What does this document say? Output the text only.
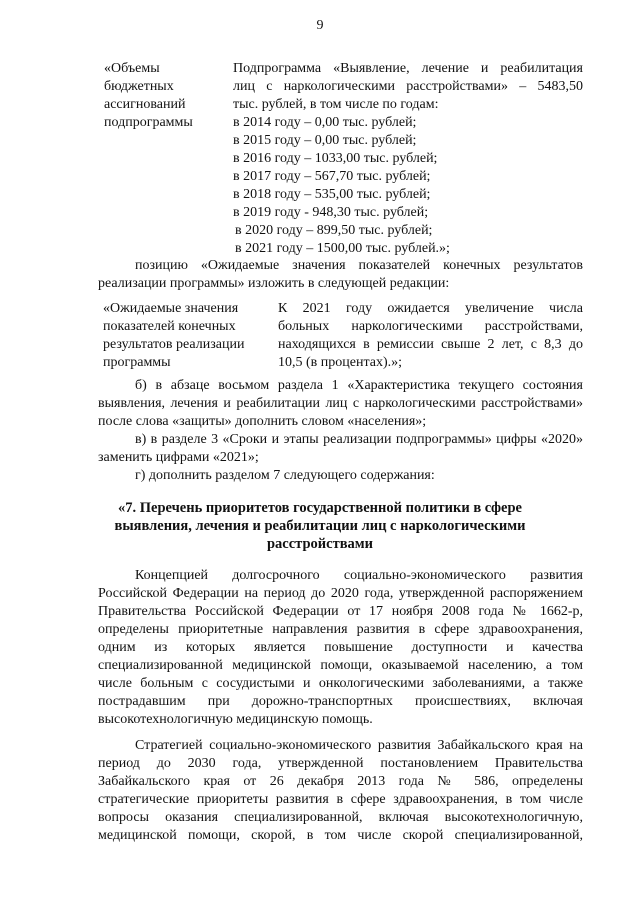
9
«Объемы
бюджетных
ассигнований
подпрограммы
Подпрограмма «Выявление, лечение и реабилитация
лиц с наркологическими расстройствами» – 5483,50
тыс. рублей, в том числе по годам:
в 2014 году – 0,00 тыс. рублей;
в 2015 году – 0,00 тыс. рублей;
в 2016 году – 1033,00 тыс. рублей;
в 2017 году – 567,70 тыс. рублей;
в 2018 году – 535,00 тыс. рублей;
в 2019 году - 948,30 тыс. рублей;
в 2020 году – 899,50 тыс. рублей;
в 2021 году – 1500,00 тыс. рублей.»;
позицию «Ожидаемые значения показателей конечных результатов
реализации программы» изложить в следующей редакции:
«Ожидаемые значения
показателей конечных
результатов реализации
программы
К 2021 году ожидается увеличение числа
больных наркологическими расстройствами,
находящихся в ремиссии свыше 2 лет, с 8,3 до
10,5 (в процентах).»;
б) в абзаце восьмом раздела 1 «Характеристика текущего состояния
выявления, лечения и реабилитации лиц с наркологическими расстройствами»
после слова «защиты» дополнить словом «населения»;
в) в разделе 3 «Сроки и этапы реализации подпрограммы» цифры «2020»
заменить цифрами «2021»;
г) дополнить разделом 7 следующего содержания:
«7. Перечень приоритетов государственной политики в сфере
выявления, лечения и реабилитации лиц с наркологическими
расстройствами
Концепцией долгосрочного социально-экономического развития
Российской Федерации на период до 2020 года, утвержденной распоряжением
Правительства Российской Федерации от 17 ноября 2008 года № 1662-р,
определены приоритетные направления развития в сфере здравоохранения,
одним из которых является повышение доступности и качества
специализированной медицинской помощи, оказываемой населению, а том
числе больным с сосудистыми и онкологическими заболеваниями, а также
пострадавшим при дорожно-транспортных происшествиях, включая
высокотехнологичную медицинскую помощь.
Стратегией социально-экономического развития Забайкальского края на
период до 2030 года, утвержденной постановлением Правительства
Забайкальского края от 26 декабря 2013 года № 586, определены
стратегические приоритеты развития в сфере здравоохранения, в том числе
вопросы оказания специализированной, включая высокотехнологичную,
медицинской помощи, скорой, в том числе скорой специализированной,
